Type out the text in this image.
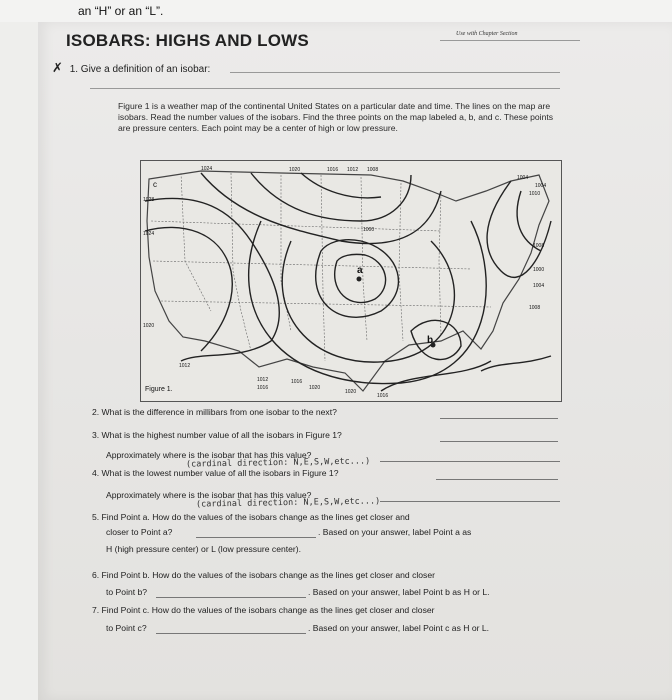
an “H” or an “L”.
ISOBARS: HIGHS AND LOWS	Use with Chapter Section
✗ 1. Give a definition of an isobar:
Figure 1 is a weather map of the continental United States on a particular date and time. The lines on the map are isobars. Read the number values of the isobars. Find the three points on the map labeled a, b, and c. These points are pressure centers. Each point may be a center of high or low pressure.
a
b
c
1024	1020	1016 1012 1008
1004
1000
1028
1024
1020
1004
1010
1008
1000
1004
1008
1012
1016
1012
1016
1020
1020
1016
Figure 1.
2. What is the difference in millibars from one isobar to the next?
3. What is the highest number value of all the isobars in Figure 1?
Approximately where is the isobar that has this value?
(cardinal direction: N,E,S,W,etc...)
4. What is the lowest number value of all the isobars in Figure 1?
Approximately where is the isobar that has this value?
(cardinal direction: N,E,S,W,etc...)
5. Find Point a. How do the values of the isobars change as the lines get closer and
closer to Point a?	. Based on your answer, label Point a as
H (high pressure center) or L (low pressure center).
6. Find Point b. How do the values of the isobars change as the lines get closer and closer
to Point b?	. Based on your answer, label Point b as H or L.
7. Find Point c. How do the values of the isobars change as the lines get closer and closer
to Point c?	. Based on your answer, label Point c as H or L.
